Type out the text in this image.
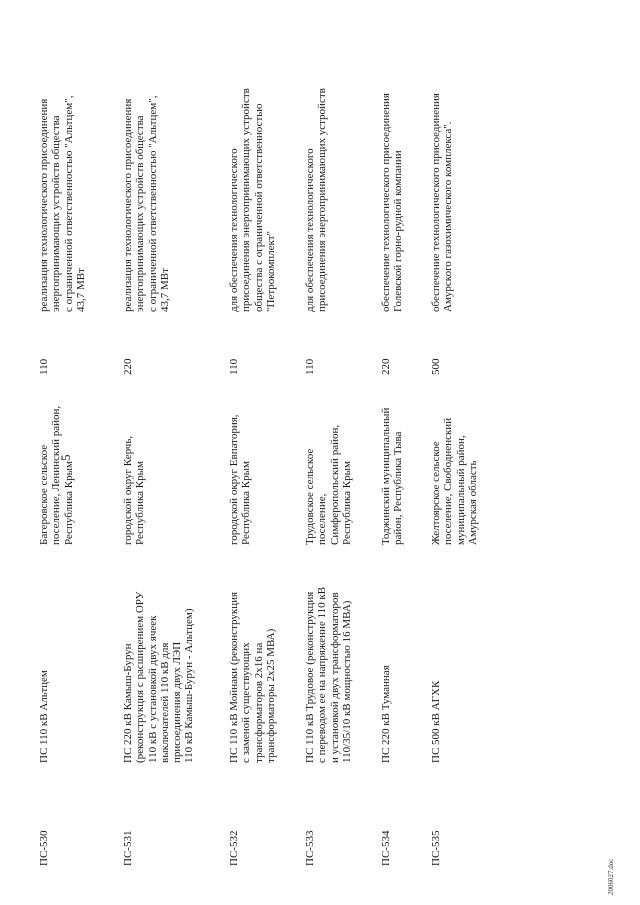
5
ПС-530
ПС 110 кВ Альтцем
Багеровское сельское
поселение, Ленинский район,
Республика Крым
110
реализация технологического присоединения
энергопринимающих устройств общества
с ограниченной ответственностью "Альтцем",
43,7 МВт
ПС-531
ПС 220 кВ Камыш-Бурун
(реконструкция с расширением ОРУ
110 кВ с установкой двух ячеек
выключателей 110 кВ для
присоединения двух ЛЭП
110 кВ Камыш-Бурун - Альтцем)
городской округ Керчь,
Республика Крым
220
реализация технологического присоединения
энергопринимающих устройств общества
с ограниченной ответственностью "Альтцем",
43,7 МВт
ПС-532
ПС 110 кВ Мойнаки (реконструкция
с заменой существующих
трансформаторов 2х16 на
трансформаторы 2х25 МВА)
городской округ Евпатория,
Республика Крым
110
для обеспечения технологического
присоединения энергопринимающих устройств
общества с ограниченной ответственностью
"Петрокомплект"
ПС-533
ПС 110 кВ Трудовое (реконструкция
с переводом ее на напряжение 110 кВ
и установкой двух трансформаторов
110/35/10 кВ мощностью 16 МВА)
Трудовское сельское поселение,
Симферопольский район,
Республика Крым
110
для обеспечения технологического
присоединения энергопринимающих устройств
ПС-534
ПС 220 кВ Туманная
Тоджинский муниципальный
район, Республика Тыва
220
обеспечение технологического присоединения
Голевской горно-рудной компании
ПС-535
ПС 500 кВ АГХК
Желтоярское сельское
поселение, Свободненский
муниципальный район,
Амурская область
500
обеспечение технологического присоединения
Амурского газохимического комплекса".
2006027.doc
